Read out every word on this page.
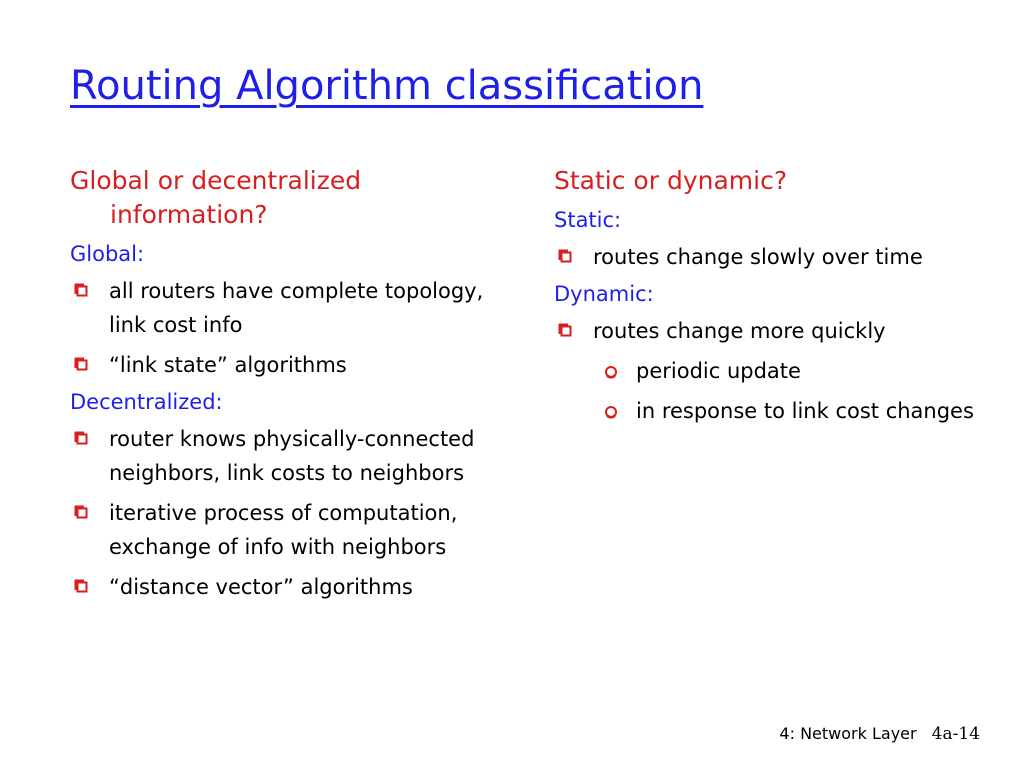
Routing Algorithm classification
Global or decentralized information?
Global:
all routers have complete topology, link cost info
“link state” algorithms
Decentralized:
router knows physically-connected neighbors, link costs to neighbors
iterative process of computation, exchange of info with neighbors
“distance vector” algorithms
Static or dynamic?
Static:
routes change slowly over time
Dynamic:
routes change more quickly
periodic update
in response to link cost changes
4: Network Layer 4a-14
